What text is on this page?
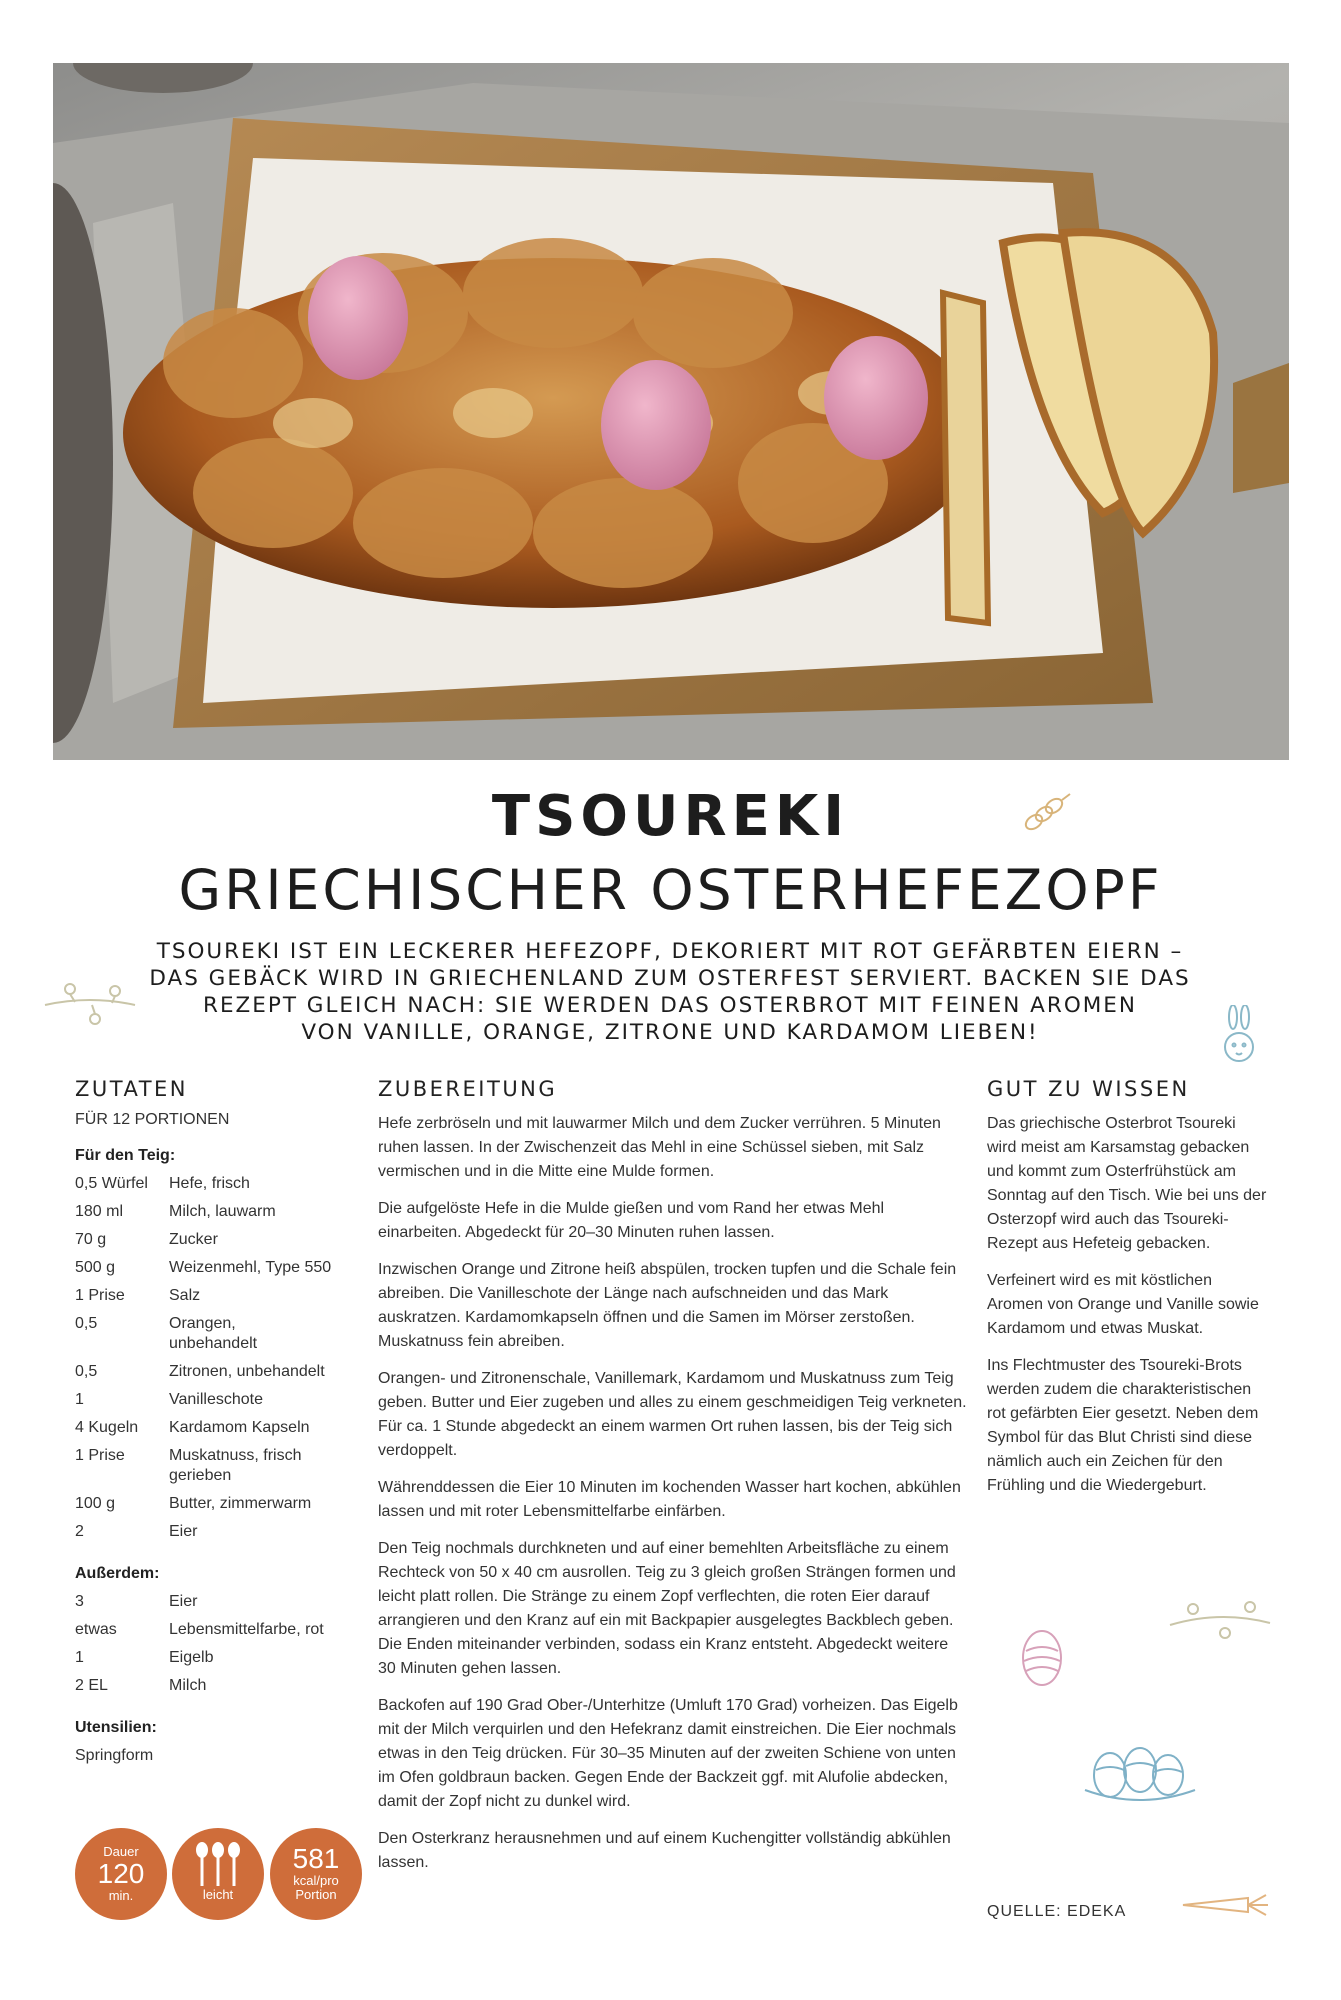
TSOUREKI
GRIECHISCHER OSTERHEFEZOPF
TSOUREKI IST EIN LECKERER HEFEZOPF, DEKORIERT MIT ROT GEFÄRBTEN EIERN –
DAS GEBÄCK WIRD IN GRIECHENLAND ZUM OSTERFEST SERVIERT. BACKEN SIE DAS
REZEPT GLEICH NACH: SIE WERDEN DAS OSTERBROT MIT FEINEN AROMEN
VON VANILLE, ORANGE, ZITRONE UND KARDAMOM LIEBEN!
ZUTATEN	ZUBEREITUNG	GUT ZU WISSEN
FÜR 12 PORTIONEN
Für den Teig:
0,5 Würfel	Hefe, frisch
180 ml	Milch, lauwarm
70 g	Zucker
500 g	Weizenmehl, Type 550
1 Prise	Salz
0,5	Orangen, unbehandelt
0,5	Zitronen, unbehandelt
1	Vanilleschote
4 Kugeln	Kardamom Kapseln
1 Prise	Muskatnuss, frisch gerieben
100 g	Butter, zimmerwarm
2	Eier
Außerdem:
3	Eier
etwas	Lebensmittelfarbe, rot
1	Eigelb
2 EL	Milch
Utensilien:
Springform

Hefe zerbröseln und mit lauwarmer Milch und dem Zucker verrühren. 5 Minuten ruhen lassen. In der Zwischenzeit das Mehl in eine Schüssel sieben, mit Salz vermischen und in die Mitte eine Mulde formen.

Die aufgelöste Hefe in die Mulde gießen und vom Rand her etwas Mehl einarbeiten. Abgedeckt für 20–30 Minuten ruhen lassen.

Inzwischen Orange und Zitrone heiß abspülen, trocken tupfen und die Schale fein abreiben. Die Vanilleschote der Länge nach aufschneiden und das Mark auskratzen. Kardamomkapseln öffnen und die Samen im Mörser zerstoßen. Muskatnuss fein abreiben.

Orangen- und Zitronenschale, Vanillemark, Kardamom und Muskatnuss zum Teig geben. Butter und Eier zugeben und alles zu einem geschmeidigen Teig verkneten. Für ca. 1 Stunde abgedeckt an einem warmen Ort ruhen lassen, bis der Teig sich verdoppelt.

Währenddessen die Eier 10 Minuten im kochenden Wasser hart kochen, abkühlen lassen und mit roter Lebensmittelfarbe einfärben.

Den Teig nochmals durchkneten und auf einer bemehlten Arbeitsfläche zu einem Rechteck von 50 x 40 cm ausrollen. Teig zu 3 gleich großen Strängen formen und leicht platt rollen. Die Stränge zu einem Zopf verflechten, die roten Eier darauf arrangieren und den Kranz auf ein mit Backpapier ausgelegtes Backblech geben. Die Enden miteinander verbinden, sodass ein Kranz entsteht. Abgedeckt weitere 30 Minuten gehen lassen.

Backofen auf 190 Grad Ober-/Unterhitze (Umluft 170 Grad) vorheizen. Das Eigelb mit der Milch verquirlen und den Hefekranz damit einstreichen. Die Eier nochmals etwas in den Teig drücken. Für 30–35 Minuten auf der zweiten Schiene von unten im Ofen goldbraun backen. Gegen Ende der Backzeit ggf. mit Alufolie abdecken, damit der Zopf nicht zu dunkel wird.

Den Osterkranz herausnehmen und auf einem Kuchengitter vollständig abkühlen lassen.

Das griechische Osterbrot Tsoureki wird meist am Karsamstag gebacken und kommt zum Osterfrühstück am Sonntag auf den Tisch. Wie bei uns der Osterzopf wird auch das Tsoureki-Rezept aus Hefeteig gebacken.

Verfeinert wird es mit köstlichen Aromen von Orange und Vanille sowie Kardamom und etwas Muskat.

Ins Flechtmuster des Tsoureki-Brots werden zudem die charakteristischen rot gefärbten Eier gesetzt. Neben dem Symbol für das Blut Christi sind diese nämlich auch ein Zeichen für den Frühling und die Wiedergeburt.

QUELLE: EDEKA
Dauer
120
min.	leicht
581
kcal/pro
Portion
